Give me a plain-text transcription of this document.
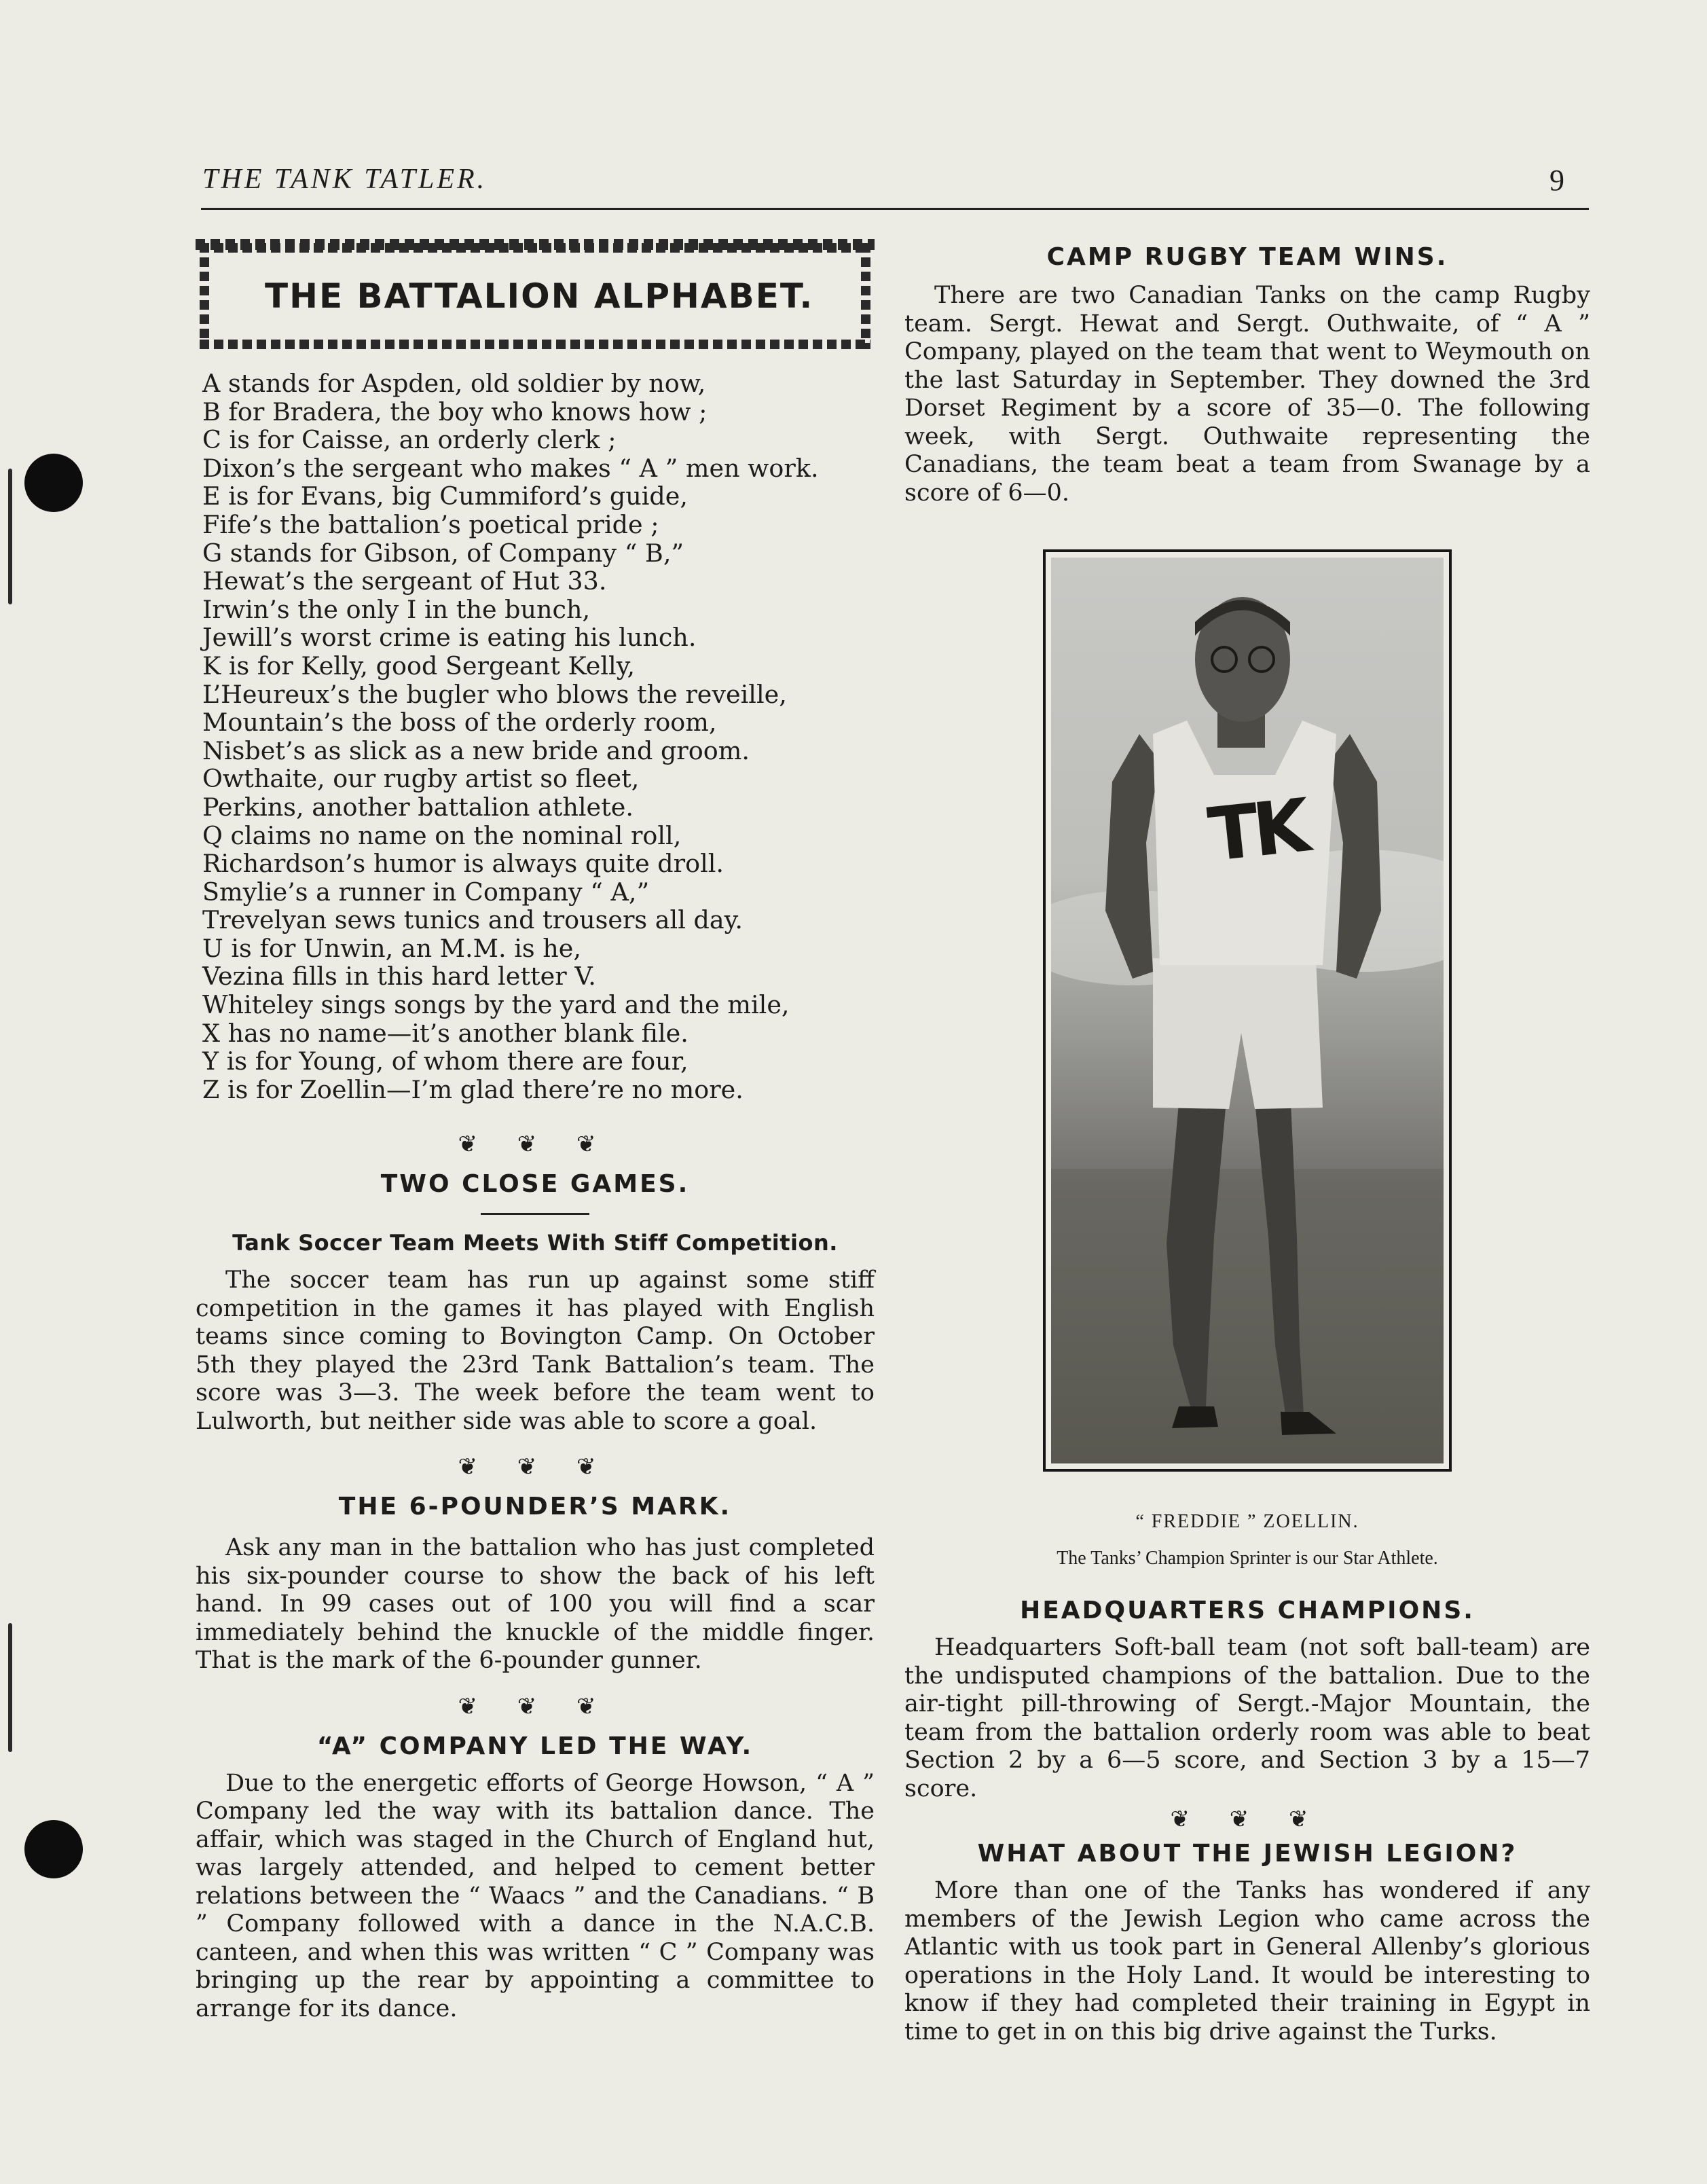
THE TANK TATLER.	9
THE BATTALION ALPHABET.
A stands for Aspden, old soldier by now,
B for Bradera, the boy who knows how ;
C is for Caisse, an orderly clerk ;
Dixon’s the sergeant who makes “ A ” men work.
E is for Evans, big Cummiford’s guide,
Fife’s the battalion’s poetical pride ;
G stands for Gibson, of Company “ B,”
Hewat’s the sergeant of Hut 33.
Irwin’s the only I in the bunch,
Jewill’s worst crime is eating his lunch.
K is for Kelly, good Sergeant Kelly,
L’Heureux’s the bugler who blows the reveille,
Mountain’s the boss of the orderly room,
Nisbet’s as slick as a new bride and groom.
Owthaite, our rugby artist so fleet,
Perkins, another battalion athlete.
Q claims no name on the nominal roll,
Richardson’s humor is always quite droll.
Smylie’s a runner in Company “ A,”
Trevelyan sews tunics and trousers all day.
U is for Unwin, an M.M. is he,
Vezina fills in this hard letter V.
Whiteley sings songs by the yard and the mile,
X has no name—it’s another blank file.
Y is for Young, of whom there are four,
Z is for Zoellin—I’m glad there’re no more.
❦ ❦ ❦
TWO CLOSE GAMES.
Tank Soccer Team Meets With Stiff Competition.

The soccer team has run up against some stiff competition in the games it has played with English teams since coming to Bovington Camp. On October 5th they played the 23rd Tank Battalion’s team. The score was 3—3. The week before the team went to Lulworth, but neither side was able to score a goal.

❦ ❦ ❦
THE 6-POUNDER’S MARK.

Ask any man in the battalion who has just completed his six-pounder course to show the back of his left hand. In 99 cases out of 100 you will find a scar immediately behind the knuckle of the middle finger. That is the mark of the 6-pounder gunner.

❦ ❦ ❦
“A” COMPANY LED THE WAY.

Due to the energetic efforts of George Howson, “ A ” Company led the way with its battalion dance. The affair, which was staged in the Church of England hut, was largely attended, and helped to cement better relations between the “ Waacs ” and the Canadians. “ B ” Company followed with a dance in the N.A.C.B. canteen, and when this was written “ C ” Company was bringing up the rear by appointing a committee to arrange for its dance.

CAMP RUGBY TEAM WINS.

There are two Canadian Tanks on the camp Rugby team. Sergt. Hewat and Sergt. Outhwaite, of “ A ” Company, played on the team that went to Weymouth on the last Saturday in September. They downed the 3rd Dorset Regiment by a score of 35—0. The following week, with Sergt. Outhwaite representing the Canadians, the team beat a team from Swanage by a score of 6—0.

TK
“ FREDDIE ” ZOELLIN.
The Tanks’ Champion Sprinter is our Star Athlete.
HEADQUARTERS CHAMPIONS.

Headquarters Soft-ball team (not soft ball-team) are the undisputed champions of the battalion. Due to the air-tight pill-throwing of Sergt.-Major Mountain, the team from the battalion orderly room was able to beat Section 2 by a 6—5 score, and Section 3 by a 15—7 score.

❦ ❦ ❦
WHAT ABOUT THE JEWISH LEGION?

More than one of the Tanks has wondered if any members of the Jewish Legion who came across the Atlantic with us took part in General Allenby’s glorious operations in the Holy Land. It would be interesting to know if they had completed their training in Egypt in time to get in on this big drive against the Turks.
